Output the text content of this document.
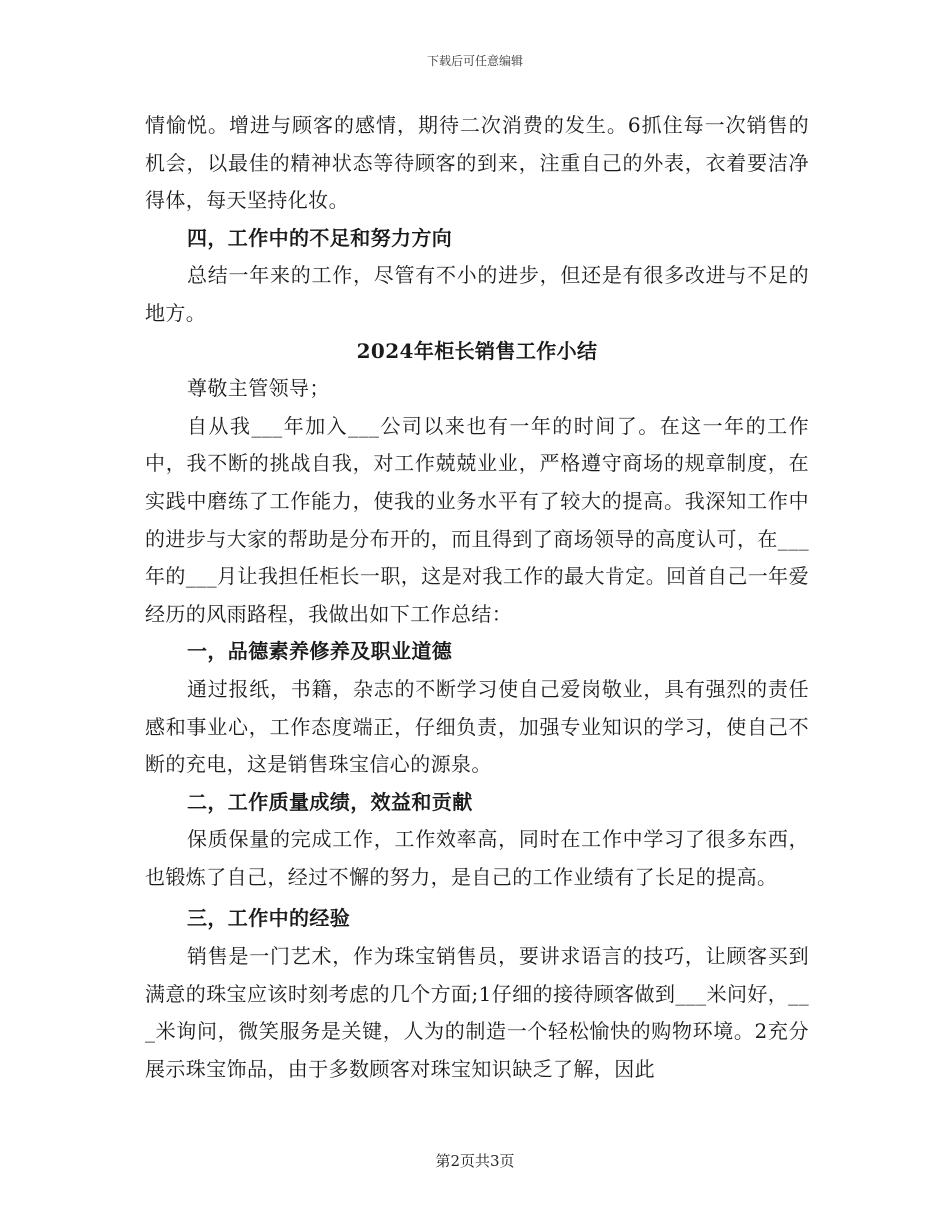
下载后可任意编辑

情愉悦。增进与顾客的感情，期待二次消费的发生。6抓住每一次销售的机会，以最佳的精神状态等待顾客的到来，注重自己的外表，衣着要洁净得体，每天坚持化妆。

四，工作中的不足和努力方向

总结一年来的工作，尽管有不小的进步，但还是有很多改进与不足的地方。

2024年柜长销售工作小结

尊敬主管领导；

自从我___年加入___公司以来也有一年的时间了。在这一年的工作中，我不断的挑战自我，对工作兢兢业业，严格遵守商场的规章制度，在实践中磨练了工作能力，使我的业务水平有了较大的提高。我深知工作中的进步与大家的帮助是分布开的，而且得到了商场领导的高度认可，在___年的___月让我担任柜长一职，这是对我工作的最大肯定。回首自己一年爱经历的风雨路程，我做出如下工作总结：

一，品德素养修养及职业道德

通过报纸，书籍，杂志的不断学习使自己爱岗敬业，具有强烈的责任感和事业心，工作态度端正，仔细负责，加强专业知识的学习，使自己不断的充电，这是销售珠宝信心的源泉。

二，工作质量成绩，效益和贡献

保质保量的完成工作，工作效率高，同时在工作中学习了很多东西，也锻炼了自己，经过不懈的努力，是自己的工作业绩有了长足的提高。

三，工作中的经验

销售是一门艺术，作为珠宝销售员，要讲求语言的技巧，让顾客买到满意的珠宝应该时刻考虑的几个方面;1仔细的接待顾客做到___米问好，___米询问，微笑服务是关键，人为的制造一个轻松愉快的购物环境。2充分展示珠宝饰品，由于多数顾客对珠宝知识缺乏了解，因此

第2页共3页
